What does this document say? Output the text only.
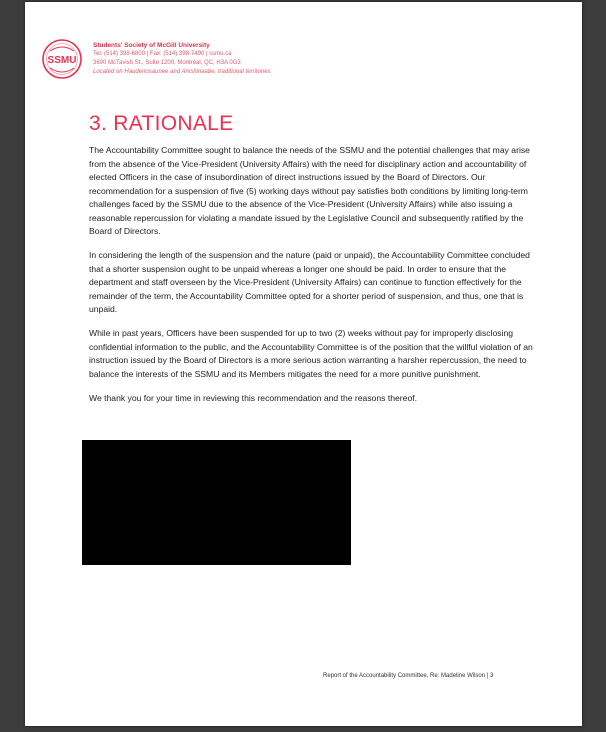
SSMU
Students' Society of McGill University
Tel: (514) 398-6800 | Fax: (514) 398-7490 | ssmu.ca
3600 McTavish St., Suite 1200, Montréal, QC, H3A 0G3
Located on Haudenosaunee and Anishinaabe, traditional territories
3. RATIONALE

The Accountability Committee sought to balance the needs of the SSMU and the potential challenges that may arise from the absence of the Vice-President (University Affairs) with the need for disciplinary action and accountability of elected Officers in the case of insubordination of direct instructions issued by the Board of Directors. Our recommendation for a suspension of five (5) working days without pay satisfies both conditions by limiting long-term challenges faced by the SSMU due to the absence of the Vice-President (University Affairs) while also issuing a reasonable repercussion for violating a mandate issued by the Legislative Council and subsequently ratified by the Board of Directors.

In considering the length of the suspension and the nature (paid or unpaid), the Accountability Committee concluded that a shorter suspension ought to be unpaid whereas a longer one should be paid. In order to ensure that the department and staff overseen by the Vice-President (University Affairs) can continue to function effectively for the remainder of the term, the Accountability Committee opted for a shorter period of suspension, and thus, one that is unpaid.

While in past years, Officers have been suspended for up to two (2) weeks without pay for improperly disclosing confidential information to the public, and the Accountability Committee is of the position that the willful violation of an instruction issued by the Board of Directors is a more serious action warranting a harsher repercussion, the need to balance the interests of the SSMU and its Members mitigates the need for a more punitive punishment.

We thank you for your time in reviewing this recommendation and the reasons thereof.

Report of the Accountability Committee, Re: Madeline Wilson | 3
